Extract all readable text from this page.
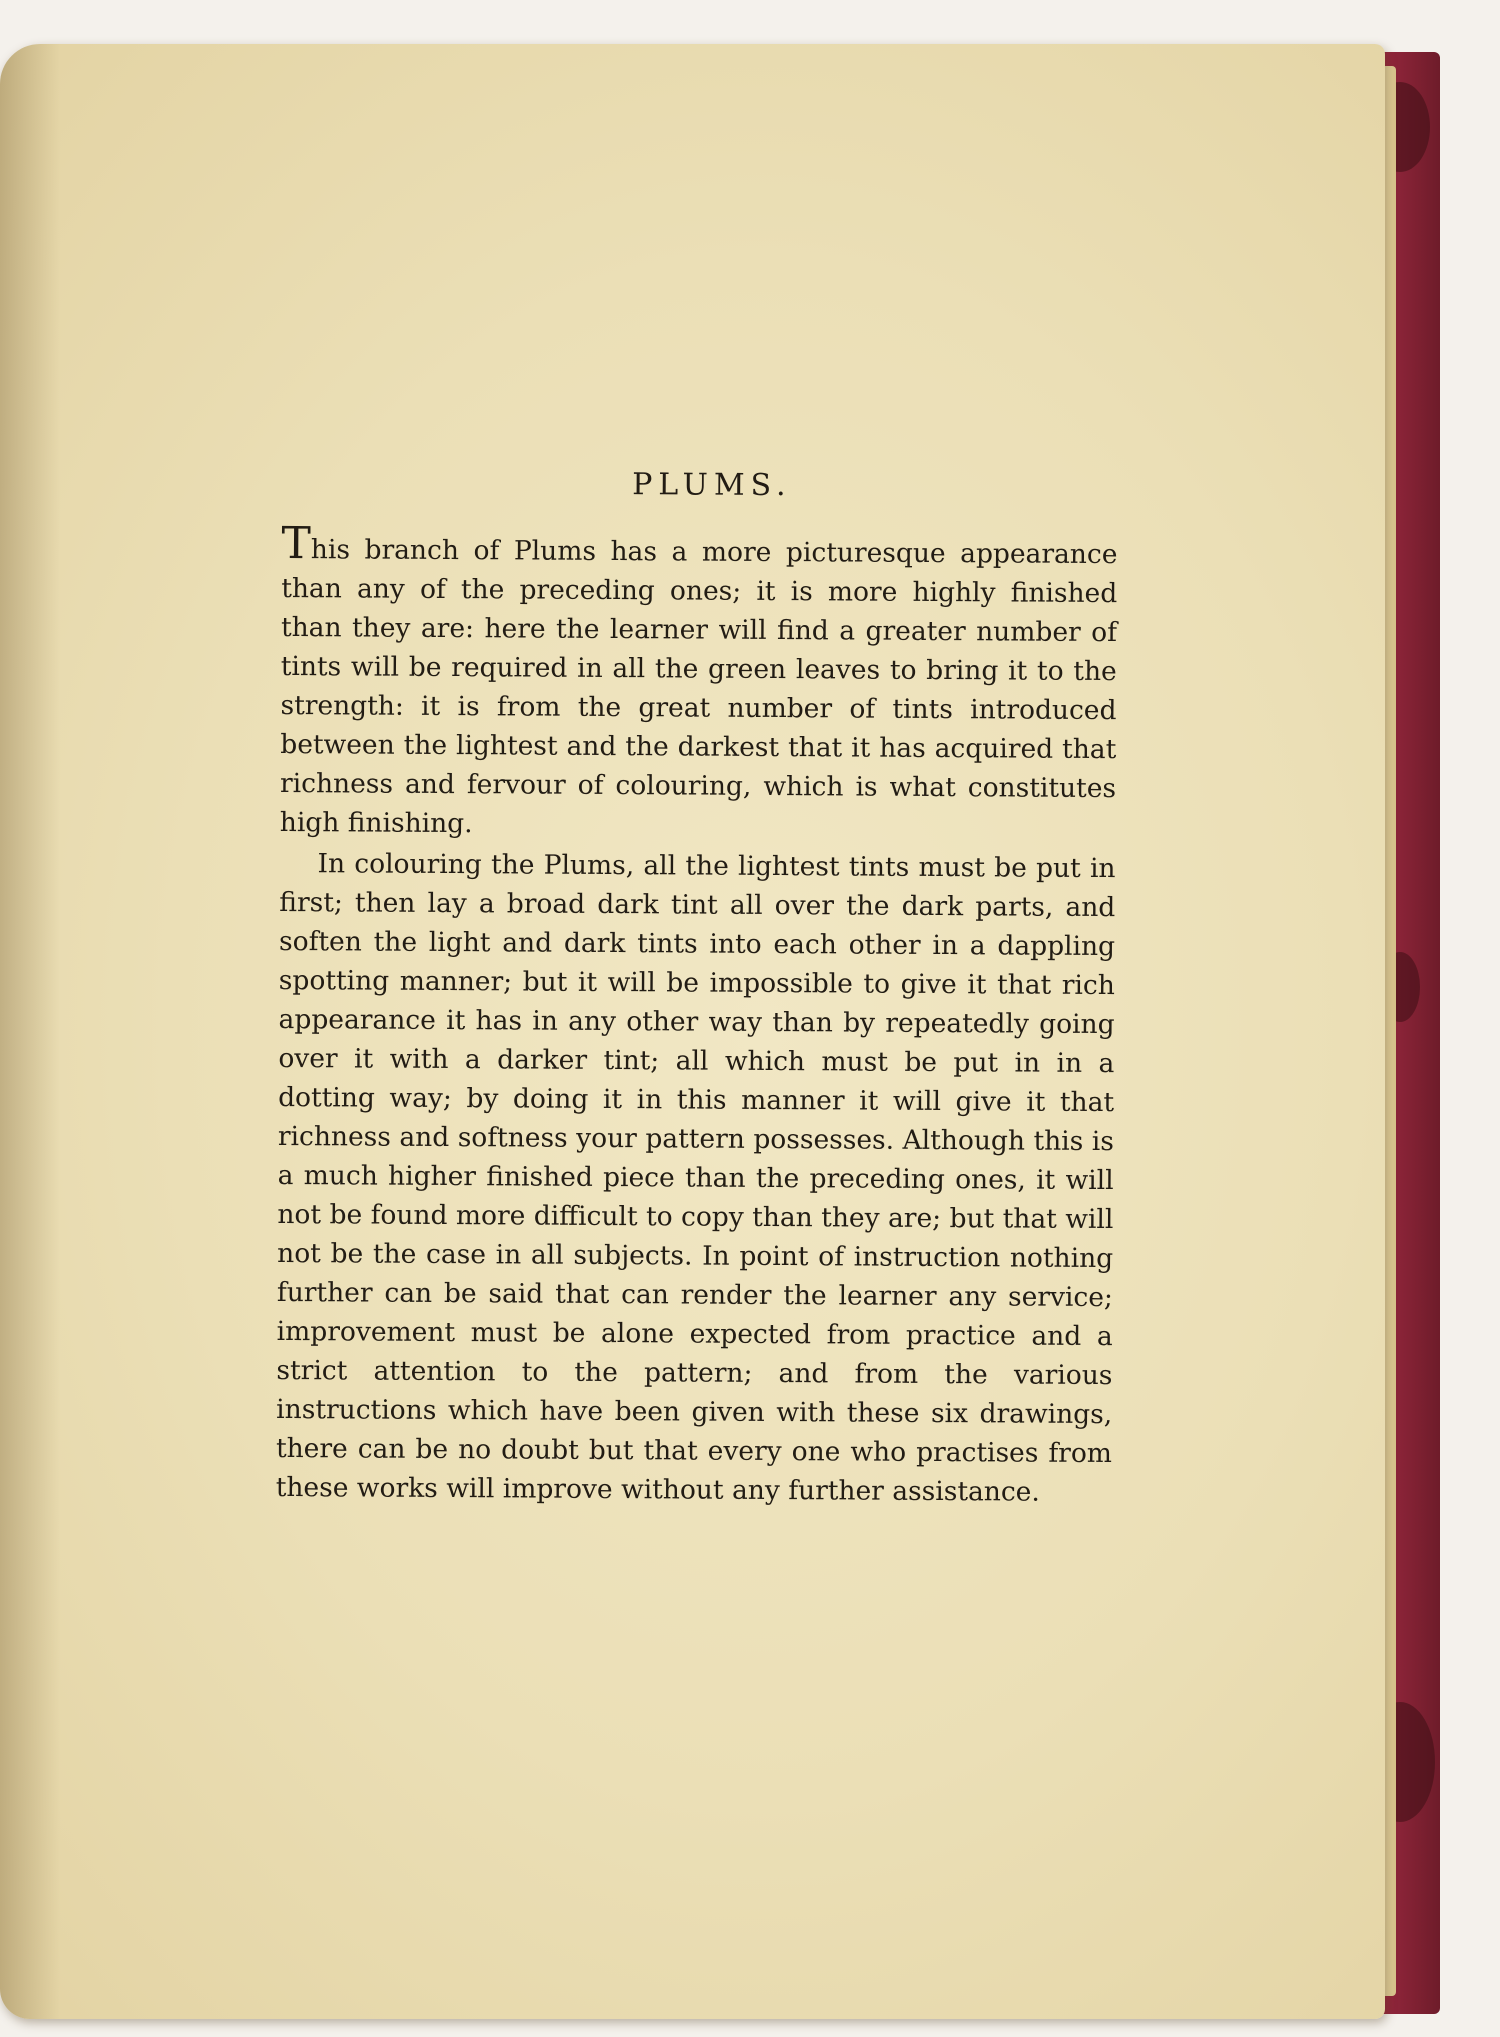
PLUMS.

This branch of Plums has a more picturesque appearance than any of the preceding ones; it is more highly finished than they are: here the learner will find a greater number of tints will be required in all the green leaves to bring it to the strength: it is from the great number of tints introduced between the lightest and the darkest that it has acquired that richness and fervour of colouring, which is what constitutes high finishing.

In colouring the Plums, all the lightest tints must be put in first; then lay a broad dark tint all over the dark parts, and soften the light and dark tints into each other in a dappling spotting manner; but it will be impossible to give it that rich appearance it has in any other way than by repeatedly going over it with a darker tint; all which must be put in in a dotting way; by doing it in this manner it will give it that richness and softness your pattern possesses. Although this is a much higher finished piece than the preceding ones, it will not be found more difficult to copy than they are; but that will not be the case in all subjects. In point of instruction nothing further can be said that can render the learner any service; improvement must be alone expected from practice and a strict attention to the pattern; and from the various instructions which have been given with these six drawings, there can be no doubt but that every one who practises from these works will improve without any further assistance.
